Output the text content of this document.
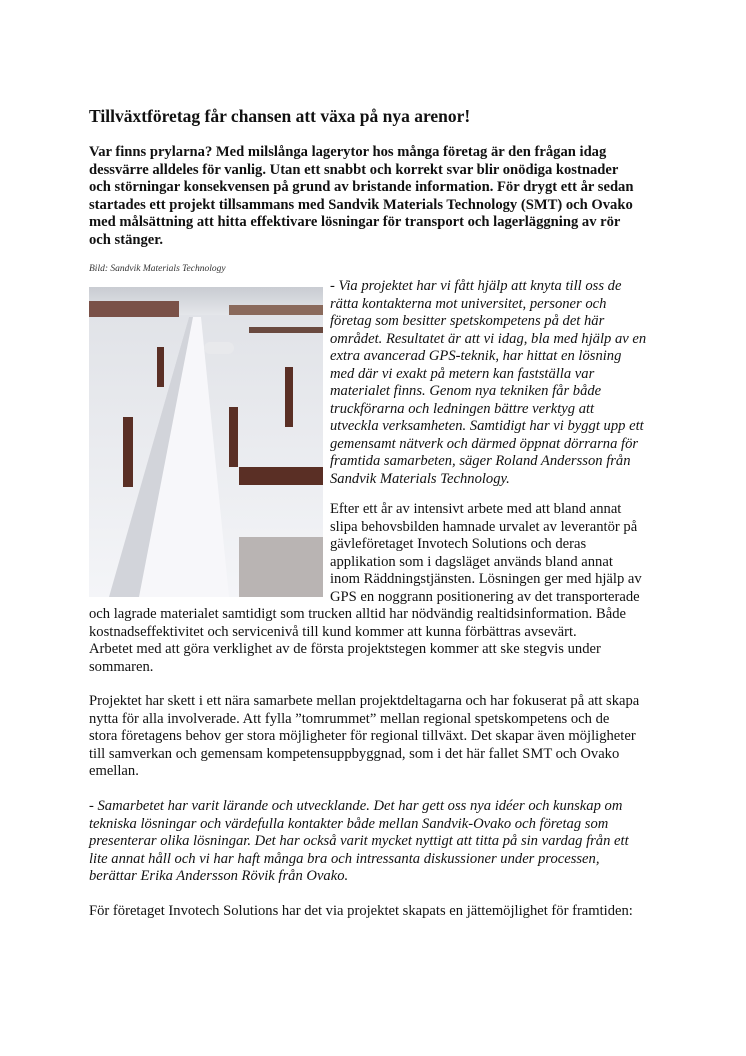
Tillväxtföretag får chansen att växa på nya arenor!
Var finns prylarna? Med milslånga lagerytor hos många företag är den frågan idag
dessvärre alldeles för vanlig. Utan ett snabbt och korrekt svar blir onödiga kostnader
och störningar konsekvensen på grund av bristande information. För drygt ett år sedan
startades ett projekt tillsammans med Sandvik Materials Technology (SMT) och Ovako
med målsättning att hitta effektivare lösningar för transport och lagerläggning av rör
och stänger.
Bild: Sandvik Materials Technology
- Via projektet har vi fått hjälp att knyta till oss de
rätta kontakterna mot universitet, personer och
företag som besitter spetskompetens på det här
området. Resultatet är att vi idag, bla med hjälp av en
extra avancerad GPS-teknik, har hittat en lösning
med där vi exakt på metern kan fastställa var
materialet finns. Genom nya tekniken får både
truckförarna och ledningen bättre verktyg att
utveckla verksamheten. Samtidigt har vi byggt upp ett
gemensamt nätverk och därmed öppnat dörrarna för
framtida samarbeten, säger Roland Andersson från
Sandvik Materials Technology.
Efter ett år av intensivt arbete med att bland annat
slipa behovsbilden hamnade urvalet av leverantör på
gävleföretaget Invotech Solutions och deras
applikation som i dagsläget används bland annat
inom Räddningstjänsten. Lösningen ger med hjälp av
GPS en noggrann positionering av det transporterade
och lagrade materialet samtidigt som trucken alltid har nödvändig realtidsinformation. Både
kostnadseffektivitet och servicenivå till kund kommer att kunna förbättras avsevärt.
Arbetet med att göra verklighet av de första projektstegen kommer att ske stegvis under
sommaren.
Projektet har skett i ett nära samarbete mellan projektdeltagarna och har fokuserat på att skapa
nytta för alla involverade. Att fylla ”tomrummet” mellan regional spetskompetens och de
stora företagens behov ger stora möjligheter för regional tillväxt. Det skapar även möjligheter
till samverkan och gemensam kompetensuppbyggnad, som i det här fallet SMT och Ovako
emellan.
- Samarbetet har varit lärande och utvecklande. Det har gett oss nya idéer och kunskap om
tekniska lösningar och värdefulla kontakter både mellan Sandvik-Ovako och företag som
presenterar olika lösningar. Det har också varit mycket nyttigt att titta på sin vardag från ett
lite annat håll och vi har haft många bra och intressanta diskussioner under processen,
berättar Erika Andersson Rövik från Ovako.
För företaget Invotech Solutions har det via projektet skapats en jättemöjlighet för framtiden:
